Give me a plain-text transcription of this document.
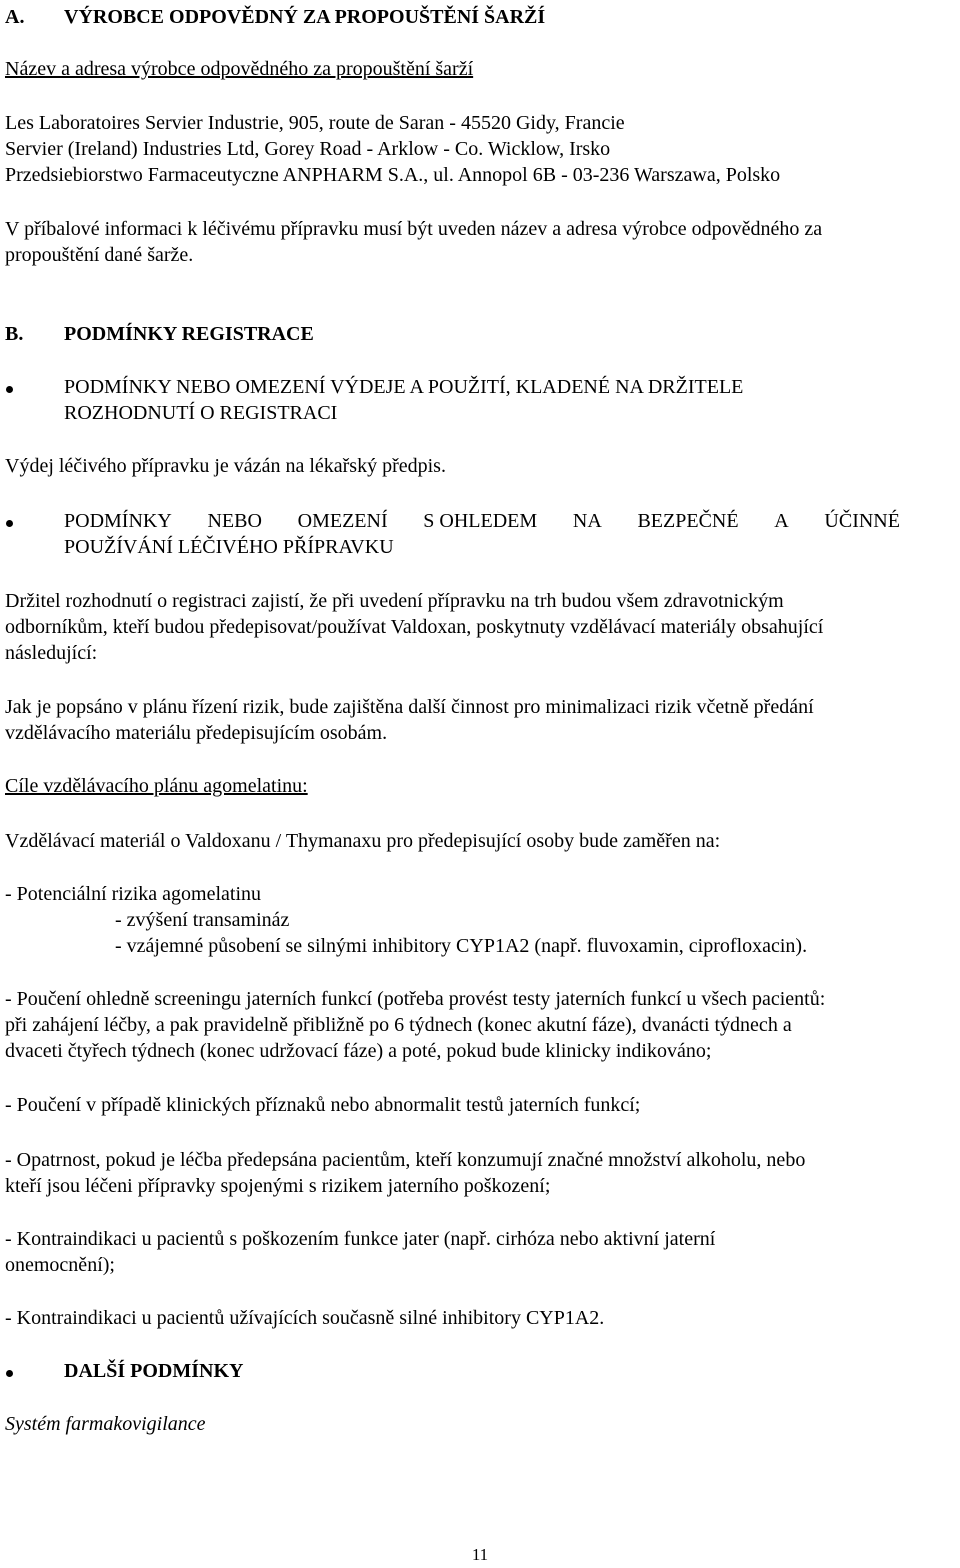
A. VÝROBCE ODPOVĚDNÝ ZA PROPOUŠTĚNÍ ŠARŽÍ
Název a adresa výrobce odpovědného za propouštění šarží
Les Laboratoires Servier Industrie, 905, route de Saran - 45520 Gidy, Francie
Servier (Ireland) Industries Ltd, Gorey Road - Arklow - Co. Wicklow, Irsko
Przedsiebiorstwo Farmaceutyczne ANPHARM S.A., ul. Annopol 6B - 03-236 Warszawa, Polsko
V příbalové informaci k léčivému přípravku musí být uveden název a adresa výrobce odpovědného za
propouštění dané šarže.
B. PODMÍNKY REGISTRACE
PODMÍNKY NEBO OMEZENÍ VÝDEJE A POUŽITÍ, KLADENÉ NA DRŽITELE
ROZHODNUTÍ O REGISTRACI
Výdej léčivého přípravku je vázán na lékařský předpis.
PODMÍNKY NEBO OMEZENÍ S OHLEDEM NA BEZPEČNÉ A ÚČINNÉ
POUŽÍVÁNÍ LÉČIVÉHO PŘÍPRAVKU
Držitel rozhodnutí o registraci zajistí, že při uvedení přípravku na trh budou všem zdravotnickým
odborníkům, kteří budou předepisovat/používat Valdoxan, poskytnuty vzdělávací materiály obsahující
následující:
Jak je popsáno v plánu řízení rizik, bude zajištěna další činnost pro minimalizaci rizik včetně předání
vzdělávacího materiálu předepisujícím osobám.
Cíle vzdělávacího plánu agomelatinu:
Vzdělávací materiál o Valdoxanu / Thymanaxu pro předepisující osoby bude zaměřen na:
- Potenciální rizika agomelatinu
- zvýšení transamináz
- vzájemné působení se silnými inhibitory CYP1A2 (např. fluvoxamin, ciprofloxacin).
- Poučení ohledně screeningu jaterních funkcí (potřeba provést testy jaterních funkcí u všech pacientů:
při zahájení léčby, a pak pravidelně přibližně po 6 týdnech (konec akutní fáze), dvanácti týdnech a
dvaceti čtyřech týdnech (konec udržovací fáze) a poté, pokud bude klinicky indikováno;
- Poučení v případě klinických příznaků nebo abnormalit testů jaterních funkcí;
- Opatrnost, pokud je léčba předepsána pacientům, kteří konzumují značné množství alkoholu, nebo
kteří jsou léčeni přípravky spojenými s rizikem jaterního poškození;
- Kontraindikaci u pacientů s poškozením funkce jater (např. cirhóza nebo aktivní jaterní
onemocnění);
- Kontraindikaci u pacientů užívajících současně silné inhibitory CYP1A2.
DALŠÍ PODMÍNKY
Systém farmakovigilance
11
